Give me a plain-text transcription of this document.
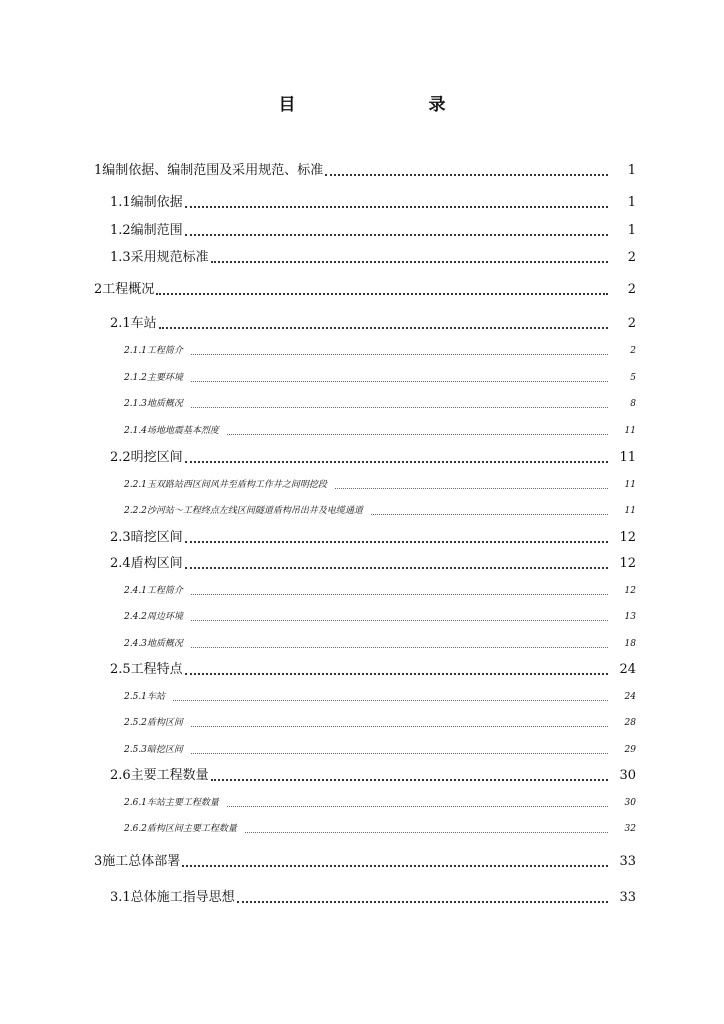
目　录
1编制依据、编制范围及采用规范、标准	1
1.1编制依据	1
1.2编制范围	1
1.3采用规范标准	2
2工程概况	2
2.1车站	2
2.1.1工程简介	2
2.1.2主要环境	5
2.1.3地质概况	8
2.1.4场地地震基本烈度	11
2.2明挖区间	11
2.2.1玉双路站西区间风井至盾构工作井之间明挖段	11
2.2.2沙河站～工程终点左线区间隧道盾构吊出井及电缆通道	11
2.3暗挖区间	12
2.4盾构区间	12
2.4.1工程简介	12
2.4.2周边环境	13
2.4.3地质概况	18
2.5工程特点	24
2.5.1车站	24
2.5.2盾构区间	28
2.5.3暗挖区间	29
2.6主要工程数量	30
2.6.1车站主要工程数量	30
2.6.2盾构区间主要工程数量	32
3施工总体部署	33
3.1总体施工指导思想	33
